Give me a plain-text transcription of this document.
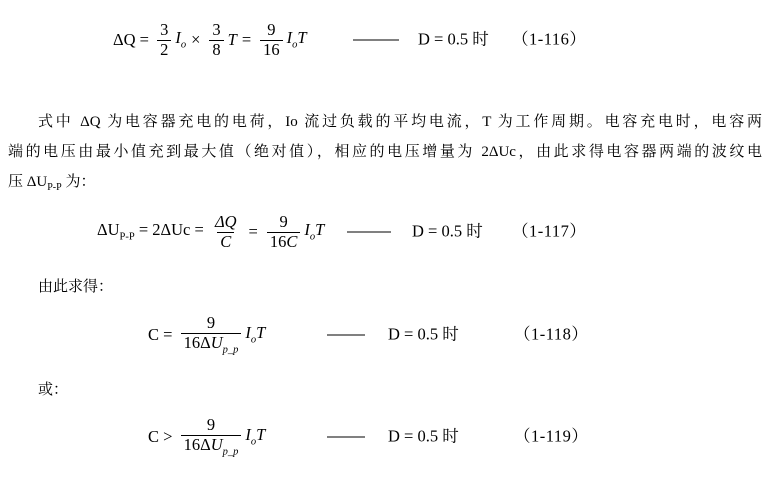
$\Delta Q = \frac{3}{2} I_o \times \frac{3}{8}$ $T = \frac{9}{16} I_oT$	D = 0.5 时 （1-116）
式中 ΔQ 为电容器充电的电荷，Io 流过负载的平均电流，T 为工作周期。电容充电时，电容两
端的电压由最小值充到最大值（绝对值），相应的电压增量为 2ΔUc，由此求得电容器两端的波纹电
压 $\Delta U_{P-P}$ 为：
$\Delta U_{P-P} = 2\Delta Uc = \frac{\Delta Q}{C} = \frac{9}{16C} I_oT$	D = 0.5 时 （1-117）
由此求得：
$C = \frac{9}{16\Delta U_{p\_p}} I_oT$	D = 0.5 时	（1-118）
或：
$C > \frac{9}{16\Delta U_{p\_p}} I_oT$	D = 0.5 时	（1-119）
